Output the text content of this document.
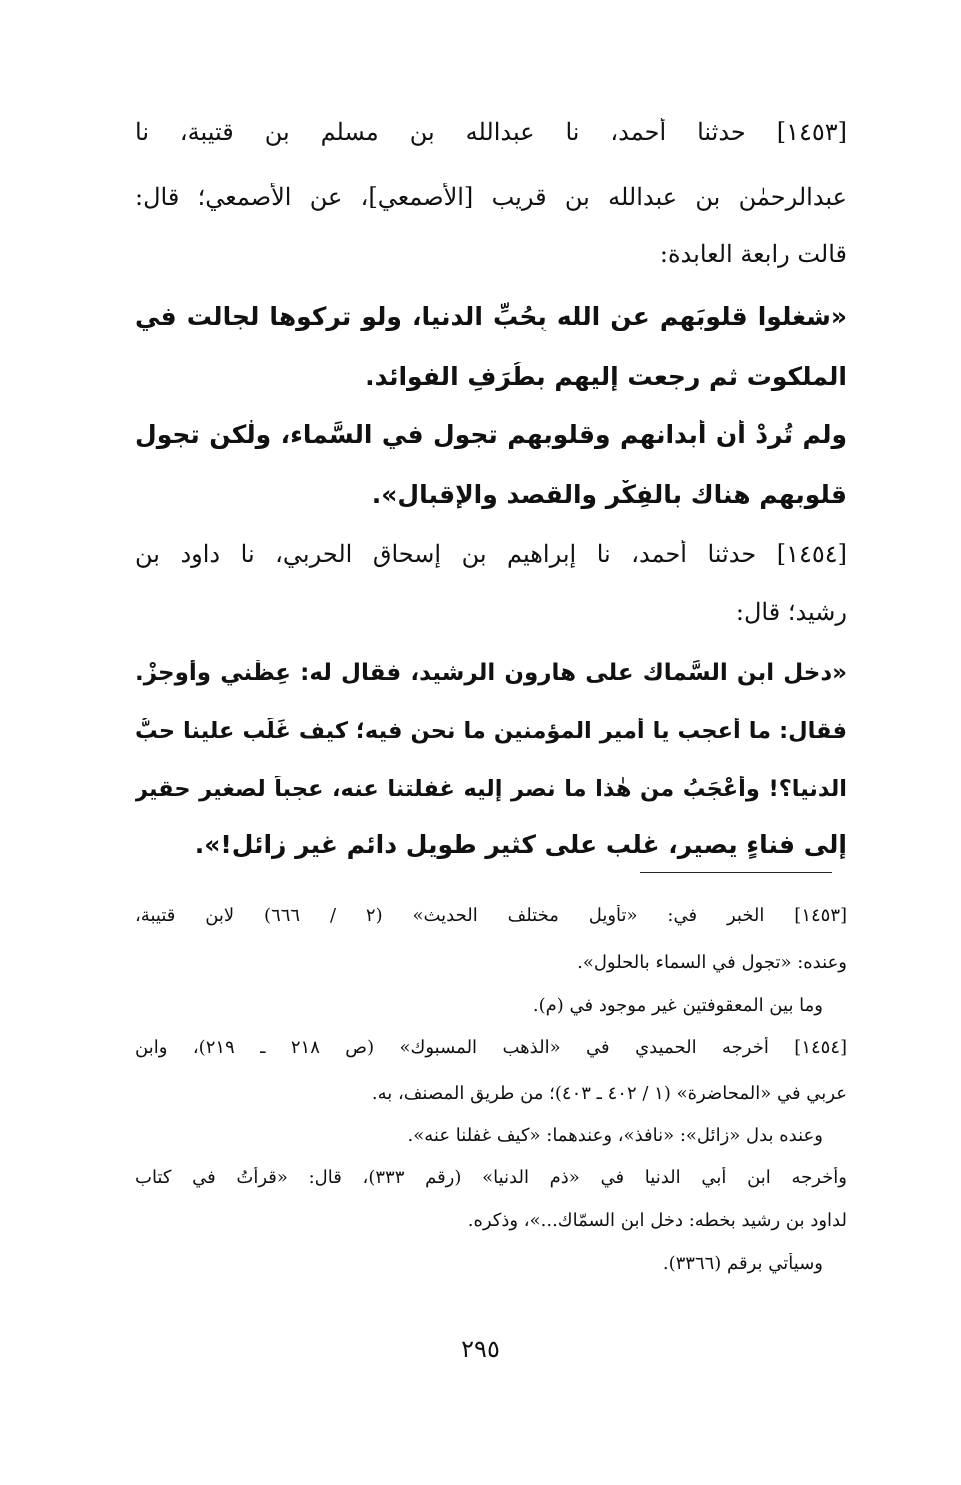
[١٤٥٣] حدثنا أحمد، نا عبدالله بن مسلم بن قتيبة، نا
عبدالرحمٰن بن عبدالله بن قريب [الأصمعي]، عن الأصمعي؛ قال:
قالت رابعة العابدة:
«شغلوا قلوبَهم عن الله بِحُبِّ الدنيا، ولو تركوها لجالت في
الملكوت ثم رجعت إليهم بطُرَفِ الفوائد.
ولم تُرِدْ أن أبدانهم وقلوبهم تجول في السَّماء، ولٰكن تجول
قلوبهم هناك بالفِكْرِ والقصد والإقبال».
[١٤٥٤] حدثنا أحمد، نا إبراهيم بن إسحاق الحربي، نا داود بن
رشيد؛ قال:
«دخل ابن السَّماك على هارون الرشيد، فقال له: عِظْني وأوجزْ.
فقال: ما أعجب يا أمير المؤمنين ما نحن فيه؛ كيف غَلَب علينا حبُّ
الدنيا؟! وأعْجَبُ من هٰذا ما نصر إليه غفلتنا عنه، عجباً لصغيرٍ حقيرٍ
إلى فناءٍ يصير، غلب على كثير طويل دائم غير زائل!».
[١٤٥٣] الخبر في: «تأويل مختلف الحديث» (٢ / ٦٦٦) لابن قتيبة،
وعنده: «تجول في السماء بالحلول».
وما بين المعقوفتين غير موجود في (م).
[١٤٥٤] أخرجه الحميدي في «الذهب المسبوك» (ص ٢١٨ ـ ٢١٩)، وابن
عربي في «المحاضرة» (١ / ٤٠٢ ـ ٤٠٣)؛ من طريق المصنف، به.
وعنده بدل «زائل»: «نافذ»، وعندهما: «كيف غفلنا عنه».
وأخرجه ابن أبي الدنيا في «ذم الدنيا» (رقم ٣٣٣)، قال: «قرأتُ في كتاب
لداود بن رشيد بخطه: دخل ابن السمّاك...»، وذكره.
وسيأتي برقم (٣٣٦٦).
٢٩٥
